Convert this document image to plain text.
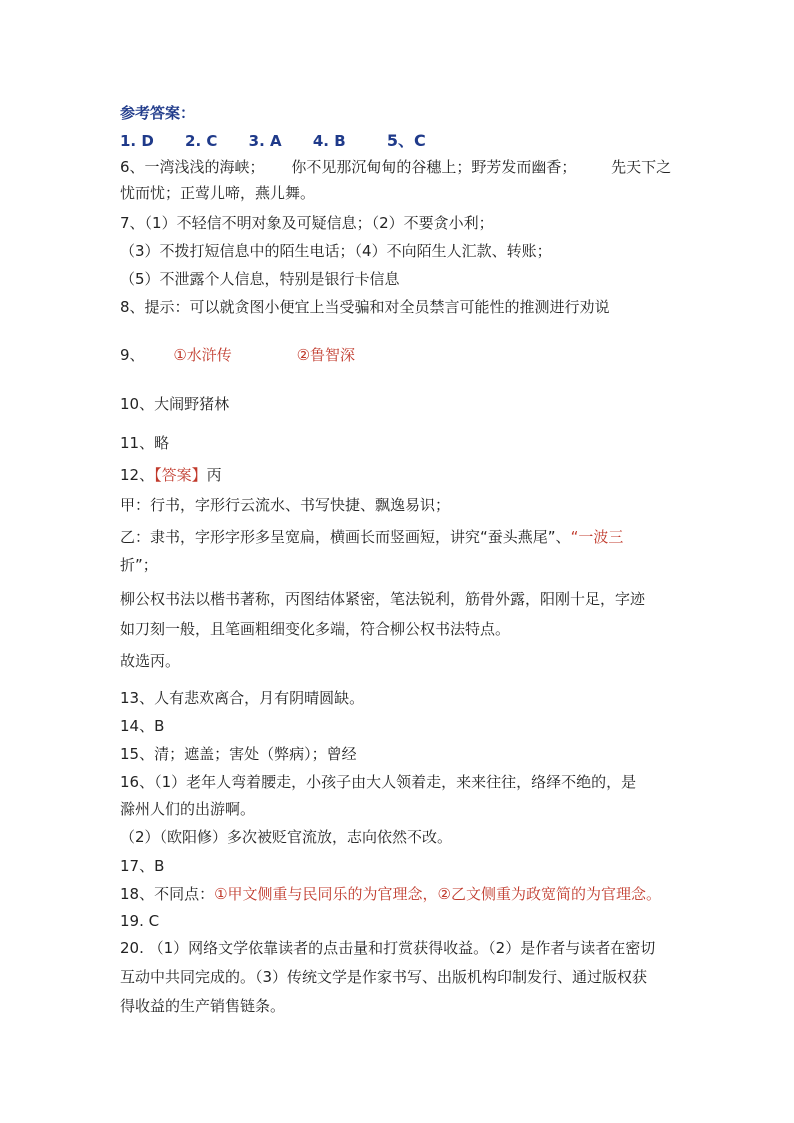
参考答案：
1. D 2. C 3. A 4. B	5、C
6、一湾浅浅的海峡； 你不见那沉甸甸的谷穗上；野芳发而幽香； 先天下之
忧而忧；正莺儿啼，燕儿舞。
7、（1）不轻信不明对象及可疑信息；（2）不要贪小利；
（3）不拨打短信息中的陌生电话；（4）不向陌生人汇款、转账；
（5）不泄露个人信息，特别是银行卡信息
8、提示：可以就贪图小便宜上当受骗和对全员禁言可能性的推测进行劝说
9、 ①水浒传	②鲁智深
10、大闹野猪林
11、略
12、【答案】丙
甲：行书，字形行云流水、书写快捷、飘逸易识；
乙：隶书，字形字形多呈宽扁，横画长而竖画短，讲究“蚕头燕尾”、“一波三
折”；
柳公权书法以楷书著称，丙图结体紧密，笔法锐利，筋骨外露，阳刚十足，字迹
如刀刻一般，且笔画粗细变化多端，符合柳公权书法特点。
故选丙。
13、人有悲欢离合，月有阴晴圆缺。
14、B
15、清；遮盖；害处（弊病）；曾经
16、（1）老年人弯着腰走，小孩子由大人领着走，来来往往，络绎不绝的，是
滁州人们的出游啊。
（2）（欧阳修）多次被贬官流放，志向依然不改。
17、B
18、不同点：①甲文侧重与民同乐的为官理念，②乙文侧重为政宽简的为官理念。
19. C
20. （1）网络文学依靠读者的点击量和打赏获得收益。（2）是作者与读者在密切
互动中共同完成的。（3）传统文学是作家书写、出版机构印制发行、通过版权获
得收益的生产销售链条。
